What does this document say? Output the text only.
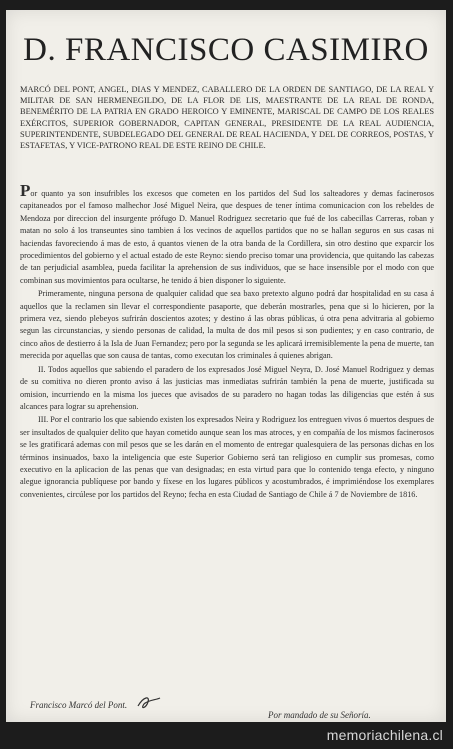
D. FRANCISCO CASIMIRO

MARCÓ DEL PONT, ANGEL, DIAS Y MENDEZ, CABALLERO DE LA ORDEN DE SANTIAGO, DE LA REAL Y MILITAR DE SAN HERMENEGILDO, DE LA FLOR DE LIS, MAESTRANTE DE LA REAL DE RONDA, BENEMÉRITO DE LA PATRIA EN GRADO HEROICO Y EMINENTE, MARISCAL DE CAMPO DE LOS REALES EXÉRCITOS, SUPERIOR GOBERNADOR, CAPITAN GENERAL, PRESIDENTE DE LA REAL AUDIENCIA, SUPERINTENDENTE, SUBDELEGADO DEL GENERAL DE REAL HACIENDA, Y DEL DE CORREOS, POSTAS, Y ESTAFETAS, Y VICE-PATRONO REAL DE ESTE REINO DE CHILE.

Por quanto ya son insufribles los excesos que cometen en los partidos del Sud los salteadores y demas facinerosos capitaneados por el famoso malhechor José Miguel Neira, que despues de tener íntima comunicacion con los rebeldes de Mendoza por direccion del insurgente prófugo D. Manuel Rodriguez secretario que fué de los cabecillas Carreras, roban y matan no solo á los transeuntes sino tambien á los vecinos de aquellos partidos que no se hallan seguros en sus casas ni haciendas favoreciendo á mas de esto, á quantos vienen de la otra banda de la Cordillera, sin otro destino que exparcir los procedimientos del gobierno y el actual estado de este Reyno: siendo preciso tomar una providencia, que quitando las cabezas de tan perjudicial asamblea, pueda facilitar la aprehension de sus individuos, que se hace insensible por el modo con que combinan sus movimientos para ocultarse, he tenido á bien disponer lo siguiente.

Primeramente, ninguna persona de qualquier calidad que sea baxo pretexto alguno podrá dar hospitalidad en su casa á aquellos que la reclamen sin llevar el correspondiente pasaporte, que deberán mostrarles, pena que si lo hicieren, por la primera vez, siendo plebeyos sufrirán doscientos azotes; y destino á las obras públicas, ú otra pena advitraria al gobierno segun las circunstancias, y siendo personas de calidad, la multa de dos mil pesos si son pudientes; y en caso contrario, de cinco años de destierro á la Isla de Juan Fernandez; pero por la segunda se les aplicará irremisiblemente la pena de muerte, tan merecida por aquellas que son causa de tantas, como executan los criminales á quienes abrigan.

II. Todos aquellos que sabiendo el paradero de los expresados José Miguel Neyra, D. José Manuel Rodriguez y demas de su comitiva no dieren pronto aviso á las justicias mas inmediatas sufrirán también la pena de muerte, justificada su omision, incurriendo en la misma los jueces que avisados de su paradero no hagan todas las diligencias que estén á sus alcances para lograr su aprehension.

III. Por el contrario los que sabiendo existen los expresados Neira y Rodriguez los entreguen vivos ó muertos despues de ser insultados de qualquier delito que hayan cometido aunque sean los mas atroces, y en compañía de los mismos facinerosos se les gratificará ademas con mil pesos que se les darán en el momento de entregar qualesquiera de las personas dichas en los términos insinuados, baxo la inteligencia que este Superior Gobierno será tan religioso en cumplir sus promesas, como executivo en la aplicacion de las penas que van designadas; en esta virtud para que lo contenido tenga efecto, y ninguno alegue ignorancia publíquese por bando y fíxese en los lugares públicos y acostumbrados, é imprimiéndose los exemplares convenientes, circúlese por los partidos del Reyno; fecha en esta Ciudad de Santiago de Chile á 7 de Noviembre de 1816.

Francisco Marcó del Pont.
Por mandado de su Señoría.
memoriachilena.cl
